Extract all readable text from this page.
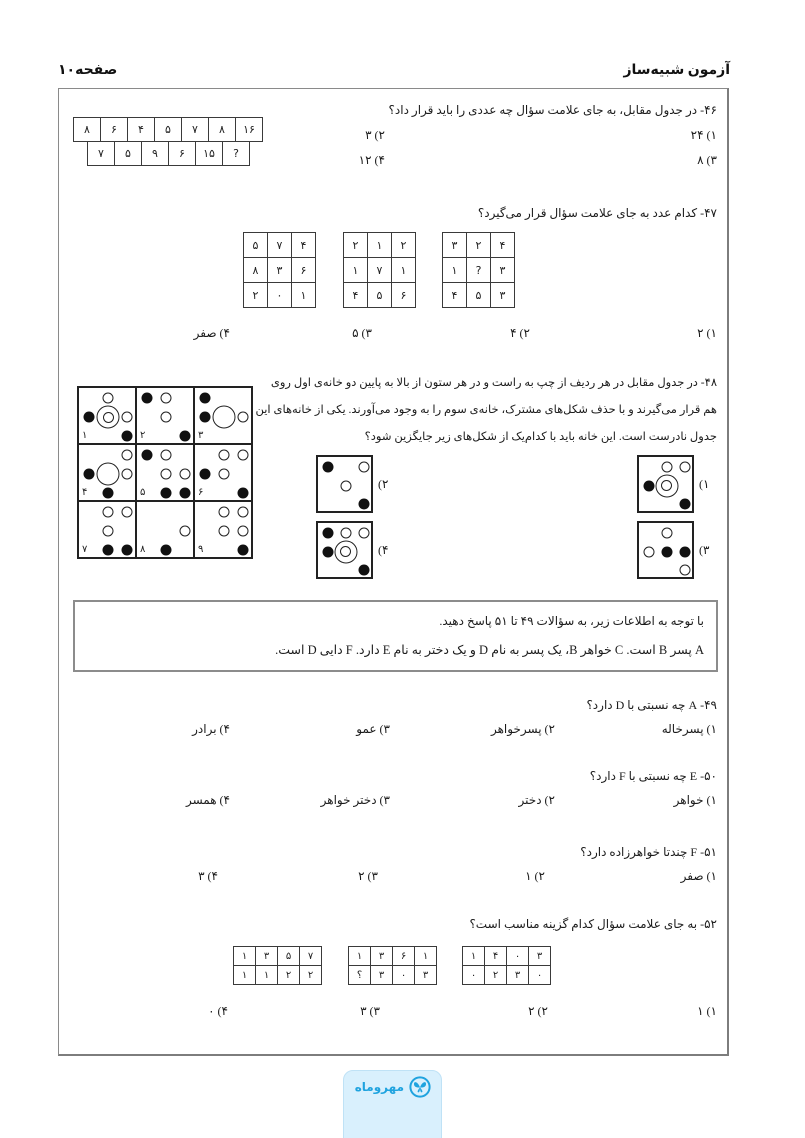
آزمون شبیه‌ساز
صفحه۱۰
۴۶- در جدول مقابل، به جای علامت سؤال چه عددی را باید قرار داد؟
۸	۶	۴	۵	۷	۸	۱۶
۷	۵	۹	۶	۱۵	?
۱) ۲۴
۲) ۳
۳) ۸
۴) ۱۲
۴۷- کدام عدد به جای علامت سؤال قرار می‌گیرد؟
۵	۷	۴
۸	۳	۶
۲	۰	۱
۲	۱	۲
۱	۷	۱
۴	۵	۶
۳	۲	۴
۱	?	۳
۴	۵	۳
۱) ۲
۲) ۴
۳) ۵
۴) صفر
۴۸- در جدول مقابل در هر ردیف از چپ به راست و در هر ستون از بالا به پایین دو خانه‌ی اول روی
هم قرار می‌گیرند و با حذف شکل‌های مشترک، خانه‌ی سوم را به وجود می‌آورند. یکی از خانه‌های این
جدول نادرست است. این خانه باید با کدام‌یک از شکل‌های زیر جایگزین شود؟
۱	۲	۳
۴	۵	۶
۷	۸	۹
۱)
۲)
۳)
۴)
با توجه به اطلاعات زیر، به سؤالات ۴۹ تا ۵۱ پاسخ دهید.
A پسر B است. C خواهر B، یک پسر به نام D و یک دختر به نام E دارد. F دایی D است.
۴۹- A چه نسبتی با D دارد؟
۱) پسرخاله
۲) پسرخواهر
۳) عمو
۴) برادر
۵۰- E چه نسبتی با F دارد؟
۱) خواهر
۲) دختر
۳) دختر خواهر
۴) همسر
۵۱- F چندتا خواهرزاده دارد؟
۱) صفر
۲) ۱
۳) ۲
۴) ۳
۵۲- به جای علامت سؤال کدام گزینه مناسب است؟
۱	۳	۵	۷
۱	۱	۲	۲
۱	۳	۶	۱
؟	۳	۰	۳
۱	۴	۰	۳
۰	۲	۳	۰
۱) ۱
۲) ۲
۳) ۳
۴) ۰
مهروماه
